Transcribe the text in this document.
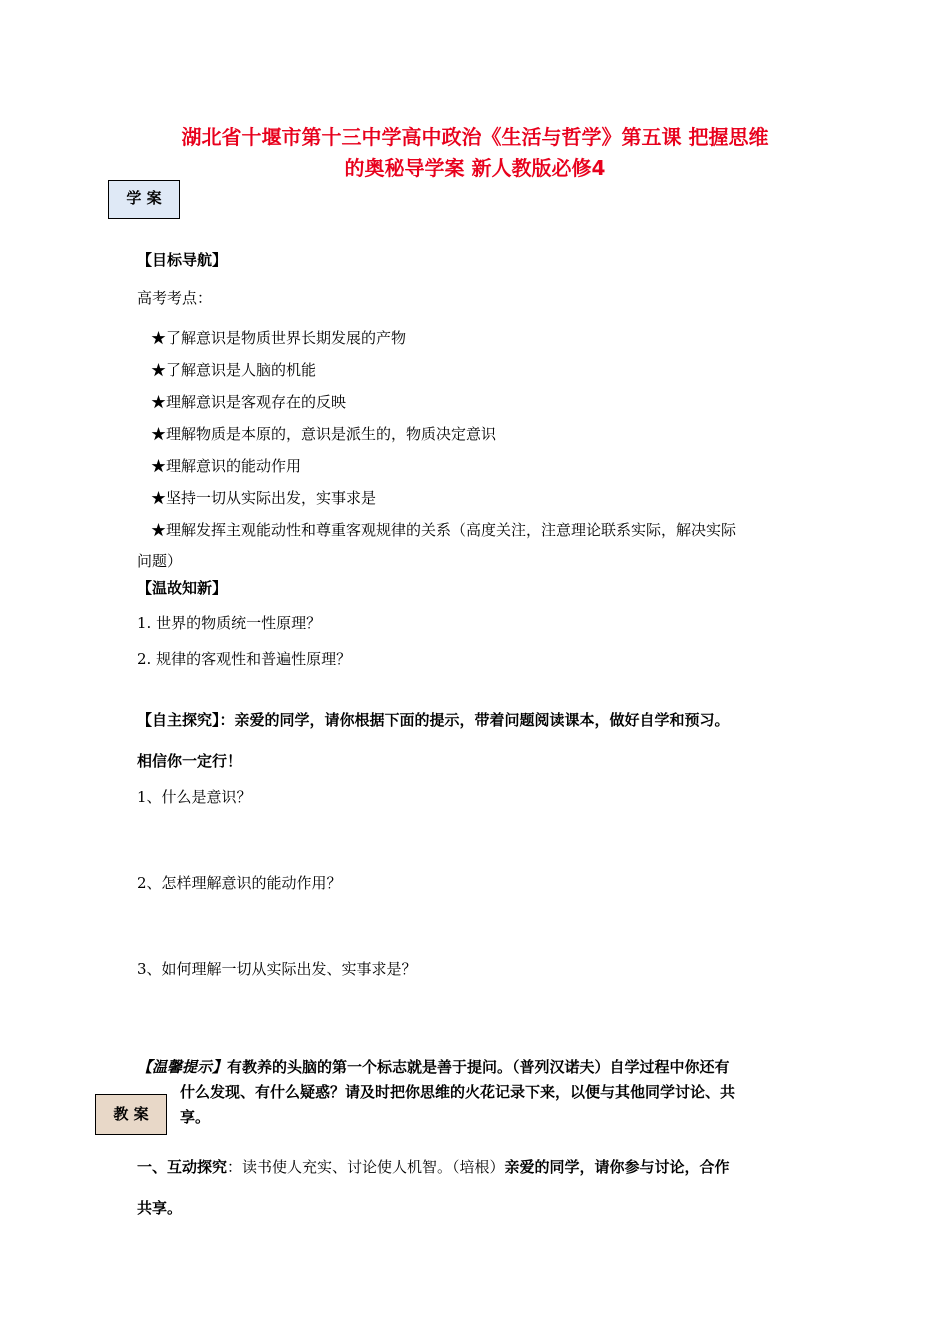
湖北省十堰市第十三中学高中政治《生活与哲学》第五课 把握思维
的奥秘导学案 新人教版必修4
学 案
【目标导航】
高考考点：
★了解意识是物质世界长期发展的产物
★了解意识是人脑的机能
★理解意识是客观存在的反映
★理解物质是本原的，意识是派生的，物质决定意识
★理解意识的能动作用
★坚持一切从实际出发，实事求是
★理解发挥主观能动性和尊重客观规律的关系（高度关注，注意理论联系实际，解决实际
问题）
【温故知新】
1. 世界的物质统一性原理？
2. 规律的客观性和普遍性原理？
【自主探究】：亲爱的同学，请你根据下面的提示，带着问题阅读课本，做好自学和预习。
相信你一定行！
1、什么是意识？
2、怎样理解意识的能动作用？
3、如何理解一切从实际出发、实事求是？
【温馨提示】有教养的头脑的第一个标志就是善于提问。（普列汉诺夫）自学过程中你还有
什么发现、有什么疑惑？请及时把你思维的火花记录下来，以便与其他同学讨论、共
享。
教 案
一、互动探究：读书使人充实、讨论使人机智。（培根）亲爱的同学，请你参与讨论，合作
共享。
